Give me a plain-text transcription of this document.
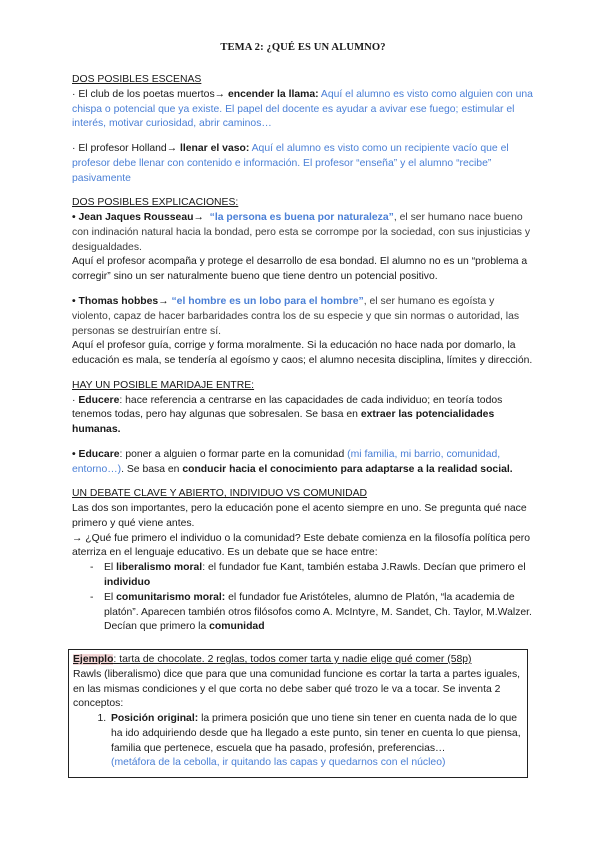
TEMA 2: ¿QUÉ ES UN ALUMNO?

DOS POSIBLES ESCENAS

· El club de los poetas muertos→ encender la llama: Aquí el alumno es visto como alguien con una chispa o potencial que ya existe. El papel del docente es ayudar a avivar ese fuego; estimular el interés, motivar curiosidad, abrir caminos…

· El profesor Holland→ llenar el vaso: Aquí el alumno es visto como un recipiente vacío que el profesor debe llenar con contenido e información. El profesor “enseña” y el alumno “recibe” pasivamente

DOS POSIBLES EXPLICACIONES:

• Jean Jaques Rousseau→ “la persona es buena por naturaleza”, el ser humano nace bueno con indinación natural hacia la bondad, pero esta se corrompe por la sociedad, con sus injusticias y desigualdades.

Aquí el profesor acompaña y protege el desarrollo de esa bondad. El alumno no es un “problema a corregir” sino un ser naturalmente bueno que tiene dentro un potencial positivo.

• Thomas hobbes→ “el hombre es un lobo para el hombre”, el ser humano es egoísta y violento, capaz de hacer barbaridades contra los de su especie y que sin normas o autoridad, las personas se destruirían entre sí.

Aquí el profesor guía, corrige y forma moralmente. Si la educación no hace nada por domarlo, la educación es mala, se tendería al egoísmo y caos; el alumno necesita disciplina, límites y dirección.

HAY UN POSIBLE MARIDAJE ENTRE:

· Educere: hace referencia a centrarse en las capacidades de cada individuo; en teoría todos tenemos todas, pero hay algunas que sobresalen. Se basa en extraer las potencialidades humanas.

• Educare: poner a alguien o formar parte en la comunidad (mi familia, mi barrio, comunidad, entorno…). Se basa en conducir hacia el conocimiento para adaptarse a la realidad social.

UN DEBATE CLAVE Y ABIERTO, INDIVIDUO VS COMUNIDAD

Las dos son importantes, pero la educación pone el acento siempre en uno. Se pregunta qué nace primero y qué viene antes.

→ ¿Qué fue primero el individuo o la comunidad? Este debate comienza en la filosofía política pero aterriza en el lenguaje educativo. Es un debate que se hace entre:

- El liberalismo moral: el fundador fue Kant, también estaba J.Rawls. Decían que primero el individuo
- El comunitarismo moral: el fundador fue Aristóteles, alumno de Platón, “la academia de platón”. Aparecen también otros filósofos como A. McIntyre, M. Sandet, Ch. Taylor, M.Walzer. Decían que primero la comunidad

Ejemplo: tarta de chocolate. 2 reglas, todos comer tarta y nadie elige qué comer (58p)

Rawls (liberalismo) dice que para que una comunidad funcione es cortar la tarta a partes iguales, en las mismas condiciones y el que corta no debe saber qué trozo le va a tocar. Se inventa 2 conceptos:

1. Posición original: la primera posición que uno tiene sin tener en cuenta nada de lo que ha ido adquiriendo desde que ha llegado a este punto, sin tener en cuenta lo que piensa, familia que pertenece, escuela que ha pasado, profesión, preferencias…
(metáfora de la cebolla, ir quitando las capas y quedarnos con el núcleo)
